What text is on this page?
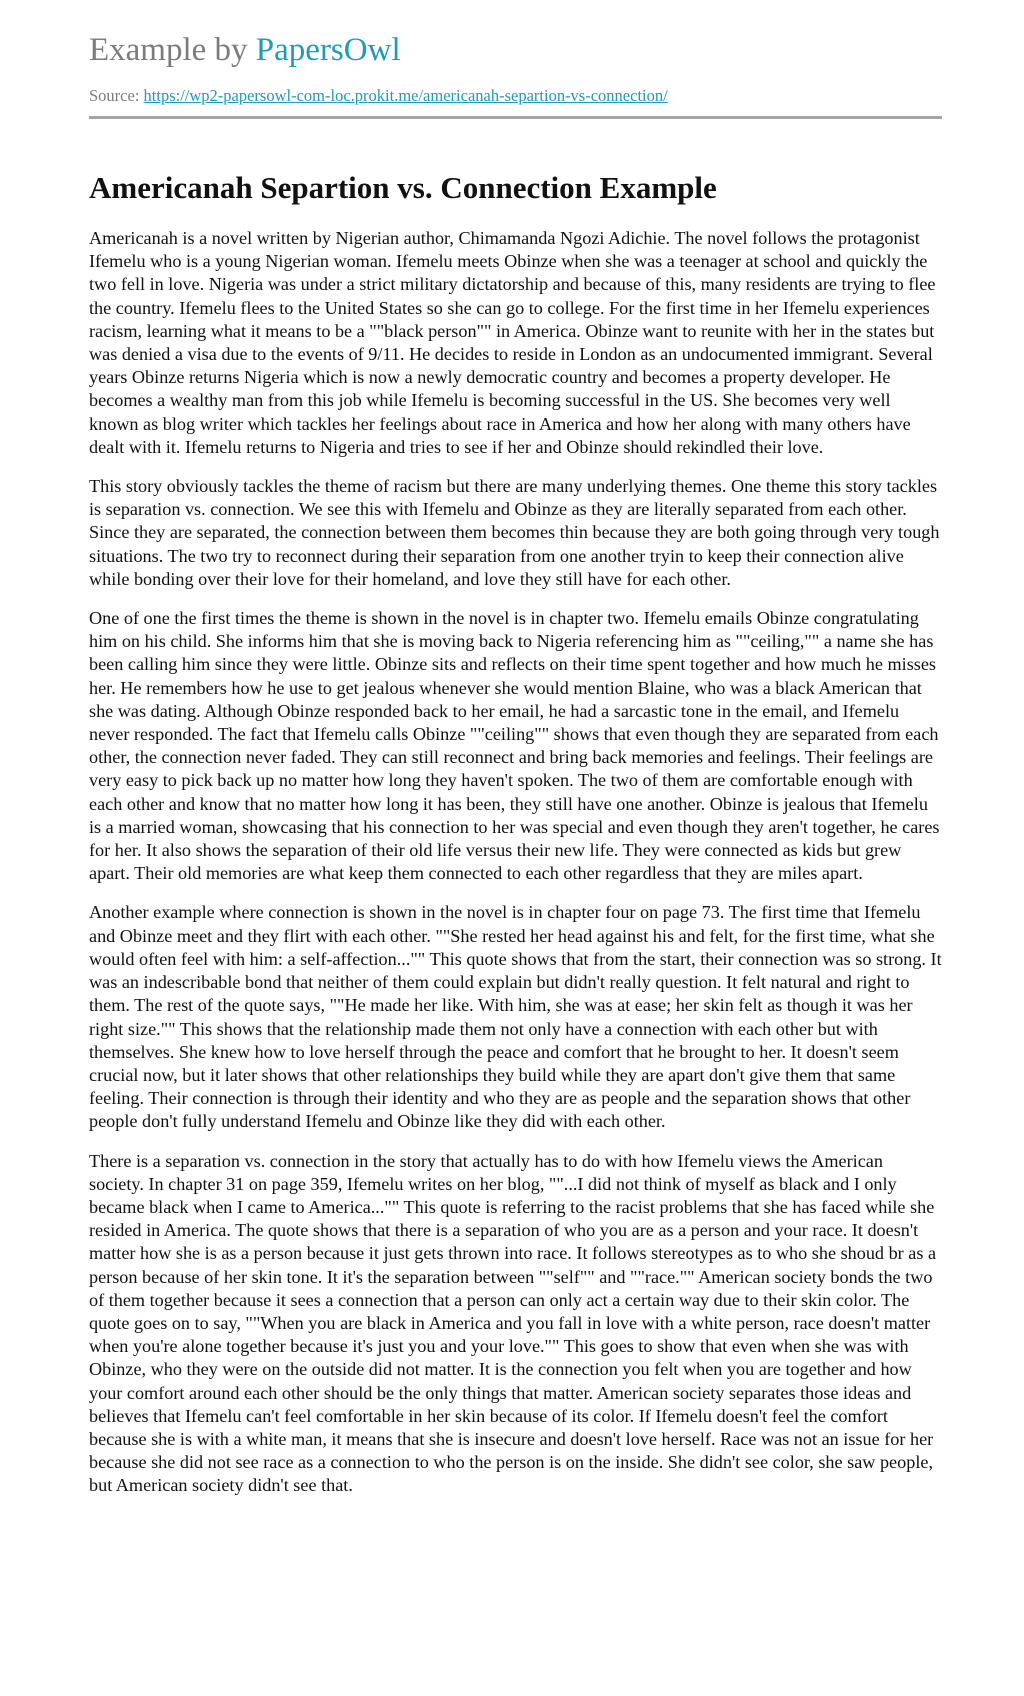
Example by PapersOwl
Source: https://wp2-papersowl-com-loc.prokit.me/americanah-separtion-vs-connection/
Americanah Separtion vs. Connection Example

Americanah is a novel written by Nigerian author, Chimamanda Ngozi Adichie. The novel follows the protagonist Ifemelu who is a young Nigerian woman. Ifemelu meets Obinze when she was a teenager at school and quickly the two fell in love. Nigeria was under a strict military dictatorship and because of this, many residents are trying to flee the country. Ifemelu flees to the United States so she can go to college. For the first time in her Ifemelu experiences racism, learning what it means to be a ""black person"" in America. Obinze want to reunite with her in the states but was denied a visa due to the events of 9/11. He decides to reside in London as an undocumented immigrant. Several years Obinze returns Nigeria which is now a newly democratic country and becomes a property developer. He becomes a wealthy man from this job while Ifemelu is becoming successful in the US. She becomes very well known as blog writer which tackles her feelings about race in America and how her along with many others have dealt with it. Ifemelu returns to Nigeria and tries to see if her and Obinze should rekindled their love.

This story obviously tackles the theme of racism but there are many underlying themes. One theme this story tackles is separation vs. connection. We see this with Ifemelu and Obinze as they are literally separated from each other. Since they are separated, the connection between them becomes thin because they are both going through very tough situations. The two try to reconnect during their separation from one another tryin to keep their connection alive while bonding over their love for their homeland, and love they still have for each other.

One of one the first times the theme is shown in the novel is in chapter two. Ifemelu emails Obinze congratulating him on his child. She informs him that she is moving back to Nigeria referencing him as ""ceiling,"" a name she has been calling him since they were little. Obinze sits and reflects on their time spent together and how much he misses her. He remembers how he use to get jealous whenever she would mention Blaine, who was a black American that she was dating. Although Obinze responded back to her email, he had a sarcastic tone in the email, and Ifemelu never responded. The fact that Ifemelu calls Obinze ""ceiling"" shows that even though they are separated from each other, the connection never faded. They can still reconnect and bring back memories and feelings. Their feelings are very easy to pick back up no matter how long they haven't spoken. The two of them are comfortable enough with each other and know that no matter how long it has been, they still have one another. Obinze is jealous that Ifemelu is a married woman, showcasing that his connection to her was special and even though they aren't together, he cares for her. It also shows the separation of their old life versus their new life. They were connected as kids but grew apart. Their old memories are what keep them connected to each other regardless that they are miles apart.

Another example where connection is shown in the novel is in chapter four on page 73. The first time that Ifemelu and Obinze meet and they flirt with each other. ""She rested her head against his and felt, for the first time, what she would often feel with him: a self-affection..."" This quote shows that from the start, their connection was so strong. It was an indescribable bond that neither of them could explain but didn't really question. It felt natural and right to them. The rest of the quote says, ""He made her like. With him, she was at ease; her skin felt as though it was her right size."" This shows that the relationship made them not only have a connection with each other but with themselves. She knew how to love herself through the peace and comfort that he brought to her. It doesn't seem crucial now, but it later shows that other relationships they build while they are apart don't give them that same feeling. Their connection is through their identity and who they are as people and the separation shows that other people don't fully understand Ifemelu and Obinze like they did with each other.

There is a separation vs. connection in the story that actually has to do with how Ifemelu views the American society. In chapter 31 on page 359, Ifemelu writes on her blog, ""...I did not think of myself as black and I only became black when I came to America..."" This quote is referring to the racist problems that she has faced while she resided in America. The quote shows that there is a separation of who you are as a person and your race. It doesn't matter how she is as a person because it just gets thrown into race. It follows stereotypes as to who she shoud br as a person because of her skin tone. It it's the separation between ""self"" and ""race."" American society bonds the two of them together because it sees a connection that a person can only act a certain way due to their skin color. The quote goes on to say, ""When you are black in America and you fall in love with a white person, race doesn't matter when you're alone together because it's just you and your love."" This goes to show that even when she was with Obinze, who they were on the outside did not matter. It is the connection you felt when you are together and how your comfort around each other should be the only things that matter. American society separates those ideas and believes that Ifemelu can't feel comfortable in her skin because of its color. If Ifemelu doesn't feel the comfort because she is with a white man, it means that she is insecure and doesn't love herself. Race was not an issue for her because she did not see race as a connection to who the person is on the inside. She didn't see color, she saw people, but American society didn't see that.
